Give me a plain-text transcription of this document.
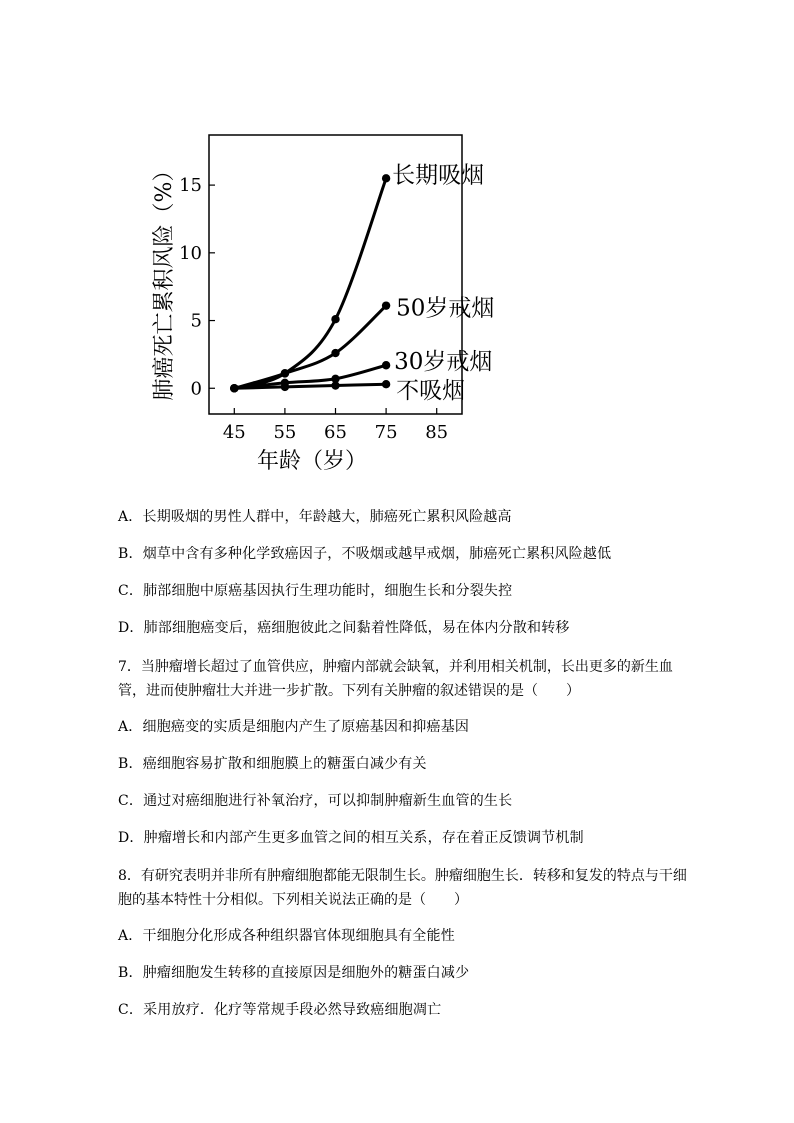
45 55 65 75 85
0
5
10
15	长期吸烟
50岁戒烟
30岁戒烟
不吸烟
肺癌死亡累积风险（%）
年龄（岁）
A．长期吸烟的男性人群中，年龄越大，肺癌死亡累积风险越高
B．烟草中含有多种化学致癌因子，不吸烟或越早戒烟，肺癌死亡累积风险越低
C．肺部细胞中原癌基因执行生理功能时，细胞生长和分裂失控
D．肺部细胞癌变后，癌细胞彼此之间黏着性降低，易在体内分散和转移
7．当肿瘤增长超过了血管供应，肿瘤内部就会缺氧，并利用相关机制，长出更多的新生血管，进而使肿瘤壮大并进一步扩散。下列有关肿瘤的叙述错误的是（　　）
A．细胞癌变的实质是细胞内产生了原癌基因和抑癌基因
B．癌细胞容易扩散和细胞膜上的糖蛋白减少有关
C．通过对癌细胞进行补氧治疗，可以抑制肿瘤新生血管的生长
D．肿瘤增长和内部产生更多血管之间的相互关系，存在着正反馈调节机制
8．有研究表明并非所有肿瘤细胞都能无限制生长。肿瘤细胞生长．转移和复发的特点与干细胞的基本特性十分相似。下列相关说法正确的是（　　）
A．干细胞分化形成各种组织器官体现细胞具有全能性
B．肿瘤细胞发生转移的直接原因是细胞外的糖蛋白减少
C．采用放疗．化疗等常规手段必然导致癌细胞凋亡
